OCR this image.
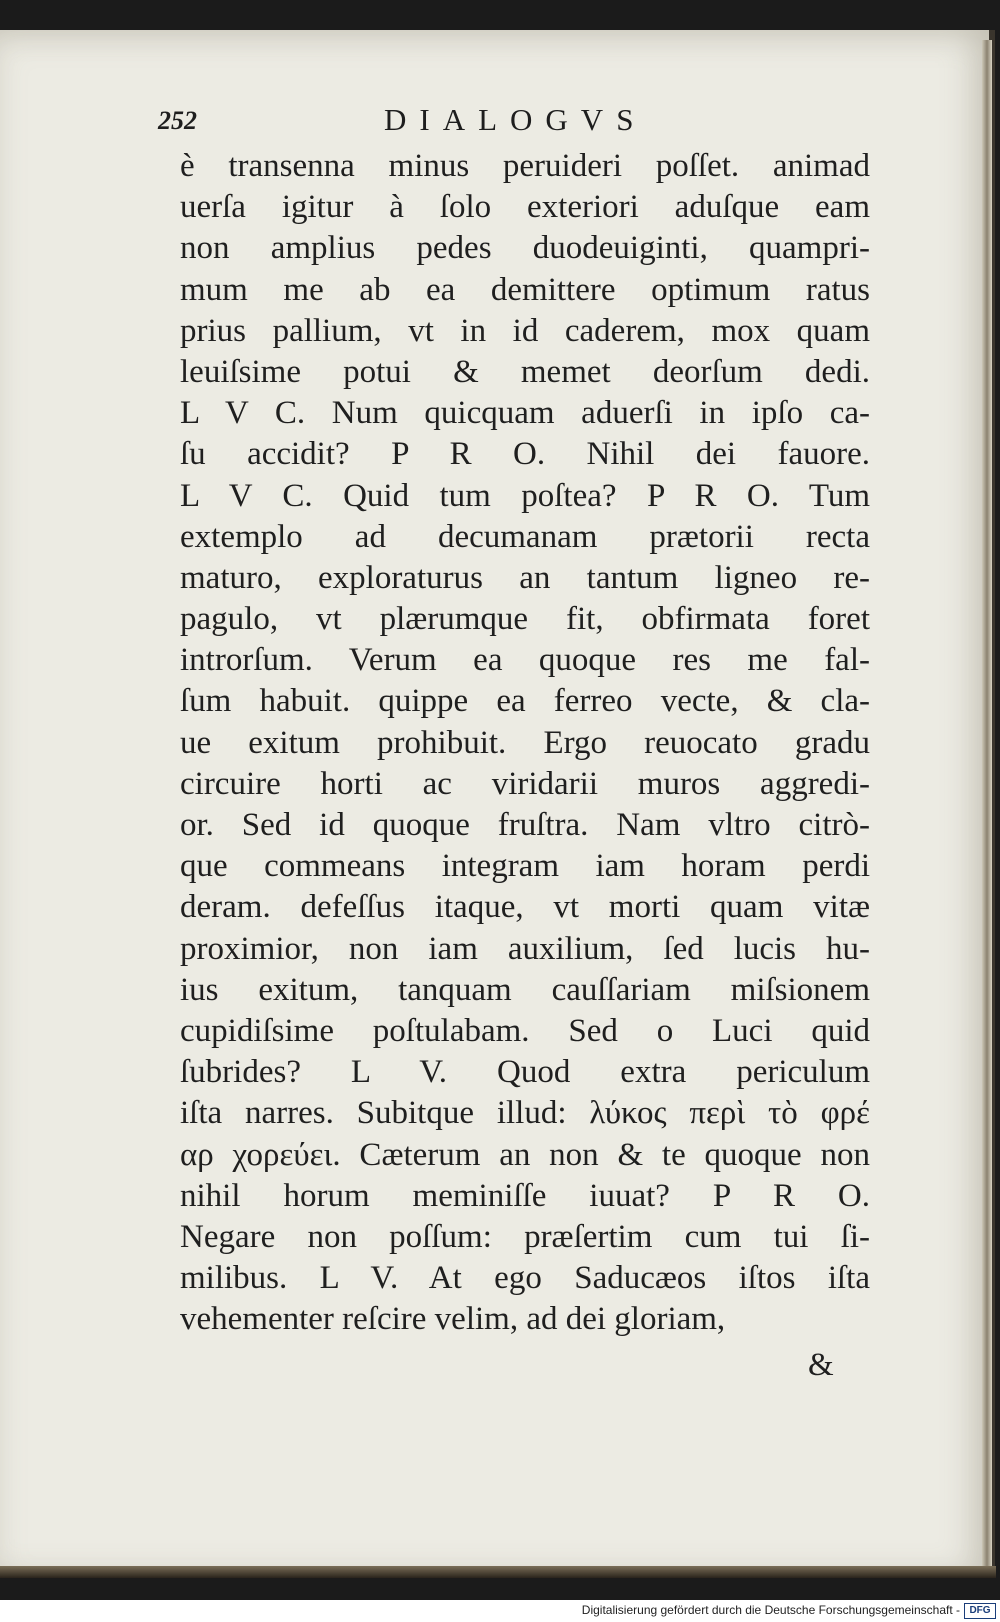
252	DIALOGVS
è transenna minus peruideri poſſet. animad
uerſa igitur à ſolo exteriori aduſque eam
non amplius pedes duodeuiginti, quampri-
mum me ab ea demittere optimum ratus
prius pallium, vt in id caderem, mox quam
leuiſsime potui & memet deorſum dedi.
L V C. Num quicquam aduerſi in ipſo ca-
ſu accidit? P R O. Nihil dei fauore.
L V C. Quid tum poſtea? P R O. Tum
extemplo ad decumanam prætorii recta
maturo, exploraturus an tantum ligneo re-
pagulo, vt plærumque fit, obfirmata foret
introrſum. Verum ea quoque res me fal-
ſum habuit. quippe ea ferreo vecte, & cla-
ue exitum prohibuit. Ergo reuocato gradu
circuire horti ac viridarii muros aggredi-
or. Sed id quoque fruſtra. Nam vltro citrò-
que commeans integram iam horam perdi
deram. defeſſus itaque, vt morti quam vitæ
proximior, non iam auxilium, ſed lucis hu-
ius exitum, tanquam cauſſariam miſsionem
cupidiſsime poſtulabam. Sed o Luci quid
ſubrides? L V. Quod extra periculum
iſta narres. Subitque illud: λύκος περὶ τὸ φρέ
αρ χορεύει. Cæterum an non & te quoque non
nihil horum meminiſſe iuuat? P R O.
Negare non poſſum: præſertim cum tui ſi-
milibus. L V. At ego Saducæos iſtos iſta
vehementer reſcire velim, ad dei gloriam,
&
Digitalisierung gefördert durch die Deutsche Forschungsgemeinschaft - DFG
